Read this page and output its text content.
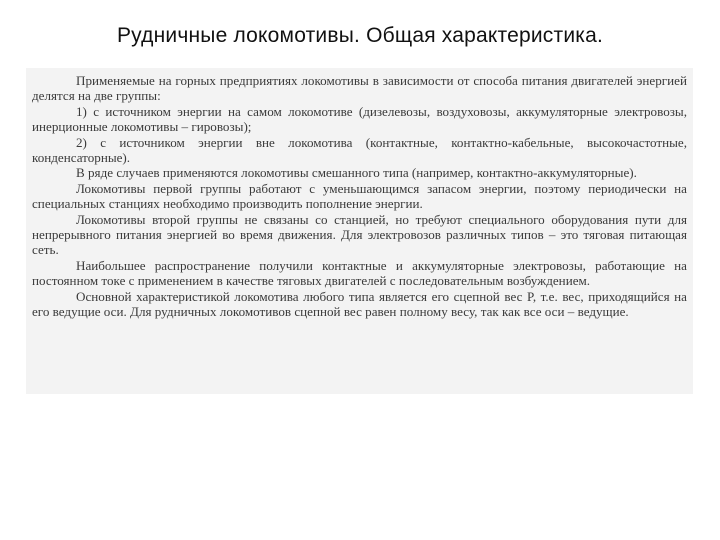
Рудничные локомотивы. Общая характеристика.

Применяемые на горных предприятиях локомотивы в зависимости от способа питания двигателей энергией делятся на две группы:

1) с источником энергии на самом локомотиве (дизелевозы, воздуховозы, аккумуляторные электровозы, инерционные локомотивы – гировозы);

2) с источником энергии вне локомотива (контактные, контактно-кабельные, высокочастотные, конденсаторные).

В ряде случаев применяются локомотивы смешанного типа (например, контактно-аккумуляторные).

Локомотивы первой группы работают с уменьшающимся запасом энергии, поэтому периодически на специальных станциях необходимо производить пополнение энергии.

Локомотивы второй группы не связаны со станцией, но требуют специального оборудования пути для непрерывного питания энергией во время движения. Для электровозов различных типов – это тяговая питающая сеть.

Наибольшее распространение получили контактные и аккумуляторные электровозы, работающие на постоянном токе с применением в качестве тяговых двигателей с последовательным возбуждением.

Основной характеристикой локомотива любого типа является его сцепной вес P, т.е. вес, приходящийся на его ведущие оси. Для рудничных локомотивов сцепной вес равен полному весу, так как все оси – ведущие.
